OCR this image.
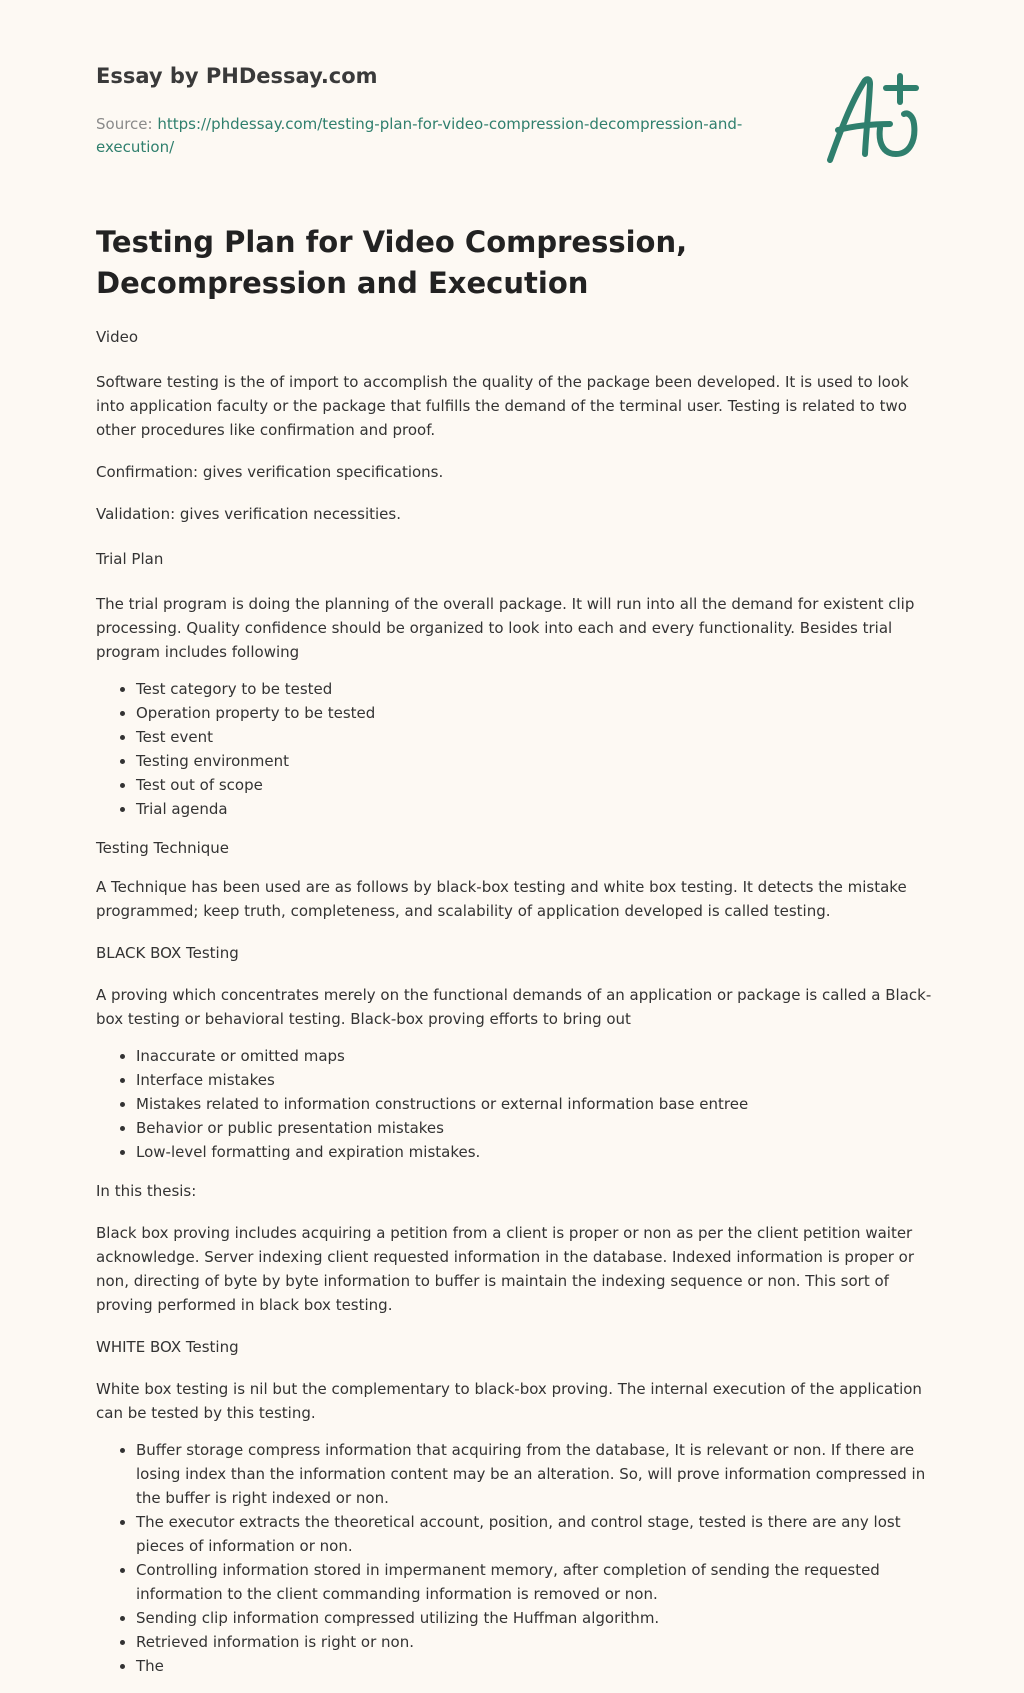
Essay by PHDessay.com

Source: https://phdessay.com/testing-plan-for-video-compression-decompression-and-
execution/
Testing Plan for Video Compression, Decompression and Execution

Video

Software testing is the of import to accomplish the quality of the package been developed. It is used to look into application faculty or the package that fulfills the demand of the terminal user. Testing is related to two other procedures like confirmation and proof.

Confirmation: gives verification specifications.

Validation: gives verification necessities.

Trial Plan

The trial program is doing the planning of the overall package. It will run into all the demand for existent clip processing. Quality confidence should be organized to look into each and every functionality. Besides trial program includes following

• Test category to be tested
• Operation property to be tested
• Test event
• Testing environment
• Test out of scope
• Trial agenda

Testing Technique

A Technique has been used are as follows by black-box testing and white box testing. It detects the mistake programmed; keep truth, completeness, and scalability of application developed is called testing.

BLACK BOX Testing

A proving which concentrates merely on the functional demands of an application or package is called a Black-box testing or behavioral testing. Black-box proving efforts to bring out

• Inaccurate or omitted maps
• Interface mistakes
• Mistakes related to information constructions or external information base entree
• Behavior or public presentation mistakes
• Low-level formatting and expiration mistakes.

In this thesis:

Black box proving includes acquiring a petition from a client is proper or non as per the client petition waiter acknowledge. Server indexing client requested information in the database. Indexed information is proper or non, directing of byte by byte information to buffer is maintain the indexing sequence or non. This sort of proving performed in black box testing.

WHITE BOX Testing

White box testing is nil but the complementary to black-box proving. The internal execution of the application can be tested by this testing.

• Buffer storage compress information that acquiring from the database, It is relevant or non. If there are losing index than the information content may be an alteration. So, will prove information compressed in the buffer is right indexed or non.
• The executor extracts the theoretical account, position, and control stage, tested is there are any lost pieces of information or non.
• Controlling information stored in impermanent memory, after completion of sending the requested information to the client commanding information is removed or non.
• Sending clip information compressed utilizing the Huffman algorithm.
• Retrieved information is right or non.
• The
